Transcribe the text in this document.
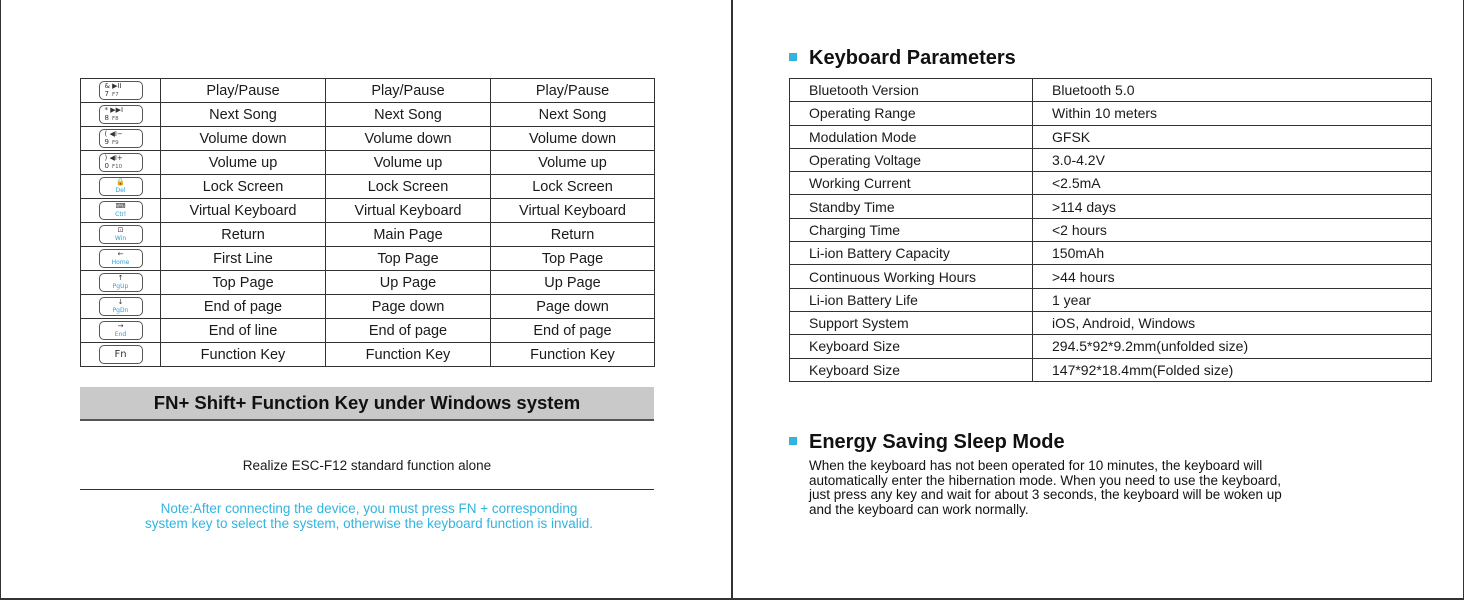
& ▶II
7 F7	Play/Pause	Play/Pause	Play/Pause

* ▶▶I
8 F8	Next Song	Next Song	Next Song

( ◀I−
9 F9	Volume down	Volume down	Volume down

) ◀I+
0 F10	Volume up	Volume up	Volume up

🔒
Del	Lock Screen	Lock Screen	Lock Screen

⌨
Ctrl	Virtual Keyboard	Virtual Keyboard	Virtual Keyboard

⊡
Win	Return	Main Page	Return

←
Home	First Line	Top Page	Top Page

↑
PgUp	Top Page	Up Page	Up Page

↓
PgDn	End of page	Page down	Page down

→
End	End of line	End of page	End of page

Fn	Function Key	Function Key	Function Key
FN+ Shift+ Function Key under Windows system
Realize ESC-F12 standard function alone
Note:After connecting the device, you must press FN + corresponding
system key to select the system, otherwise the keyboard function is invalid.
Keyboard Parameters
Bluetooth Version	Bluetooth 5.0
Operating Range	Within 10 meters
Modulation Mode	GFSK
Operating Voltage	3.0-4.2V
Working Current	<2.5mA
Standby Time	>114 days
Charging Time	<2 hours
Li-ion Battery Capacity	150mAh
Continuous Working Hours	>44 hours
Li-ion Battery Life	1 year
Support System	iOS, Android, Windows
Keyboard Size	294.5*92*9.2mm(unfolded size)
Keyboard Size	147*92*18.4mm(Folded size)
Energy Saving Sleep Mode
When the keyboard has not been operated for 10 minutes, the keyboard will
automatically enter the hibernation mode. When you need to use the keyboard,
just press any key and wait for about 3 seconds, the keyboard will be woken up
and the keyboard can work normally.
